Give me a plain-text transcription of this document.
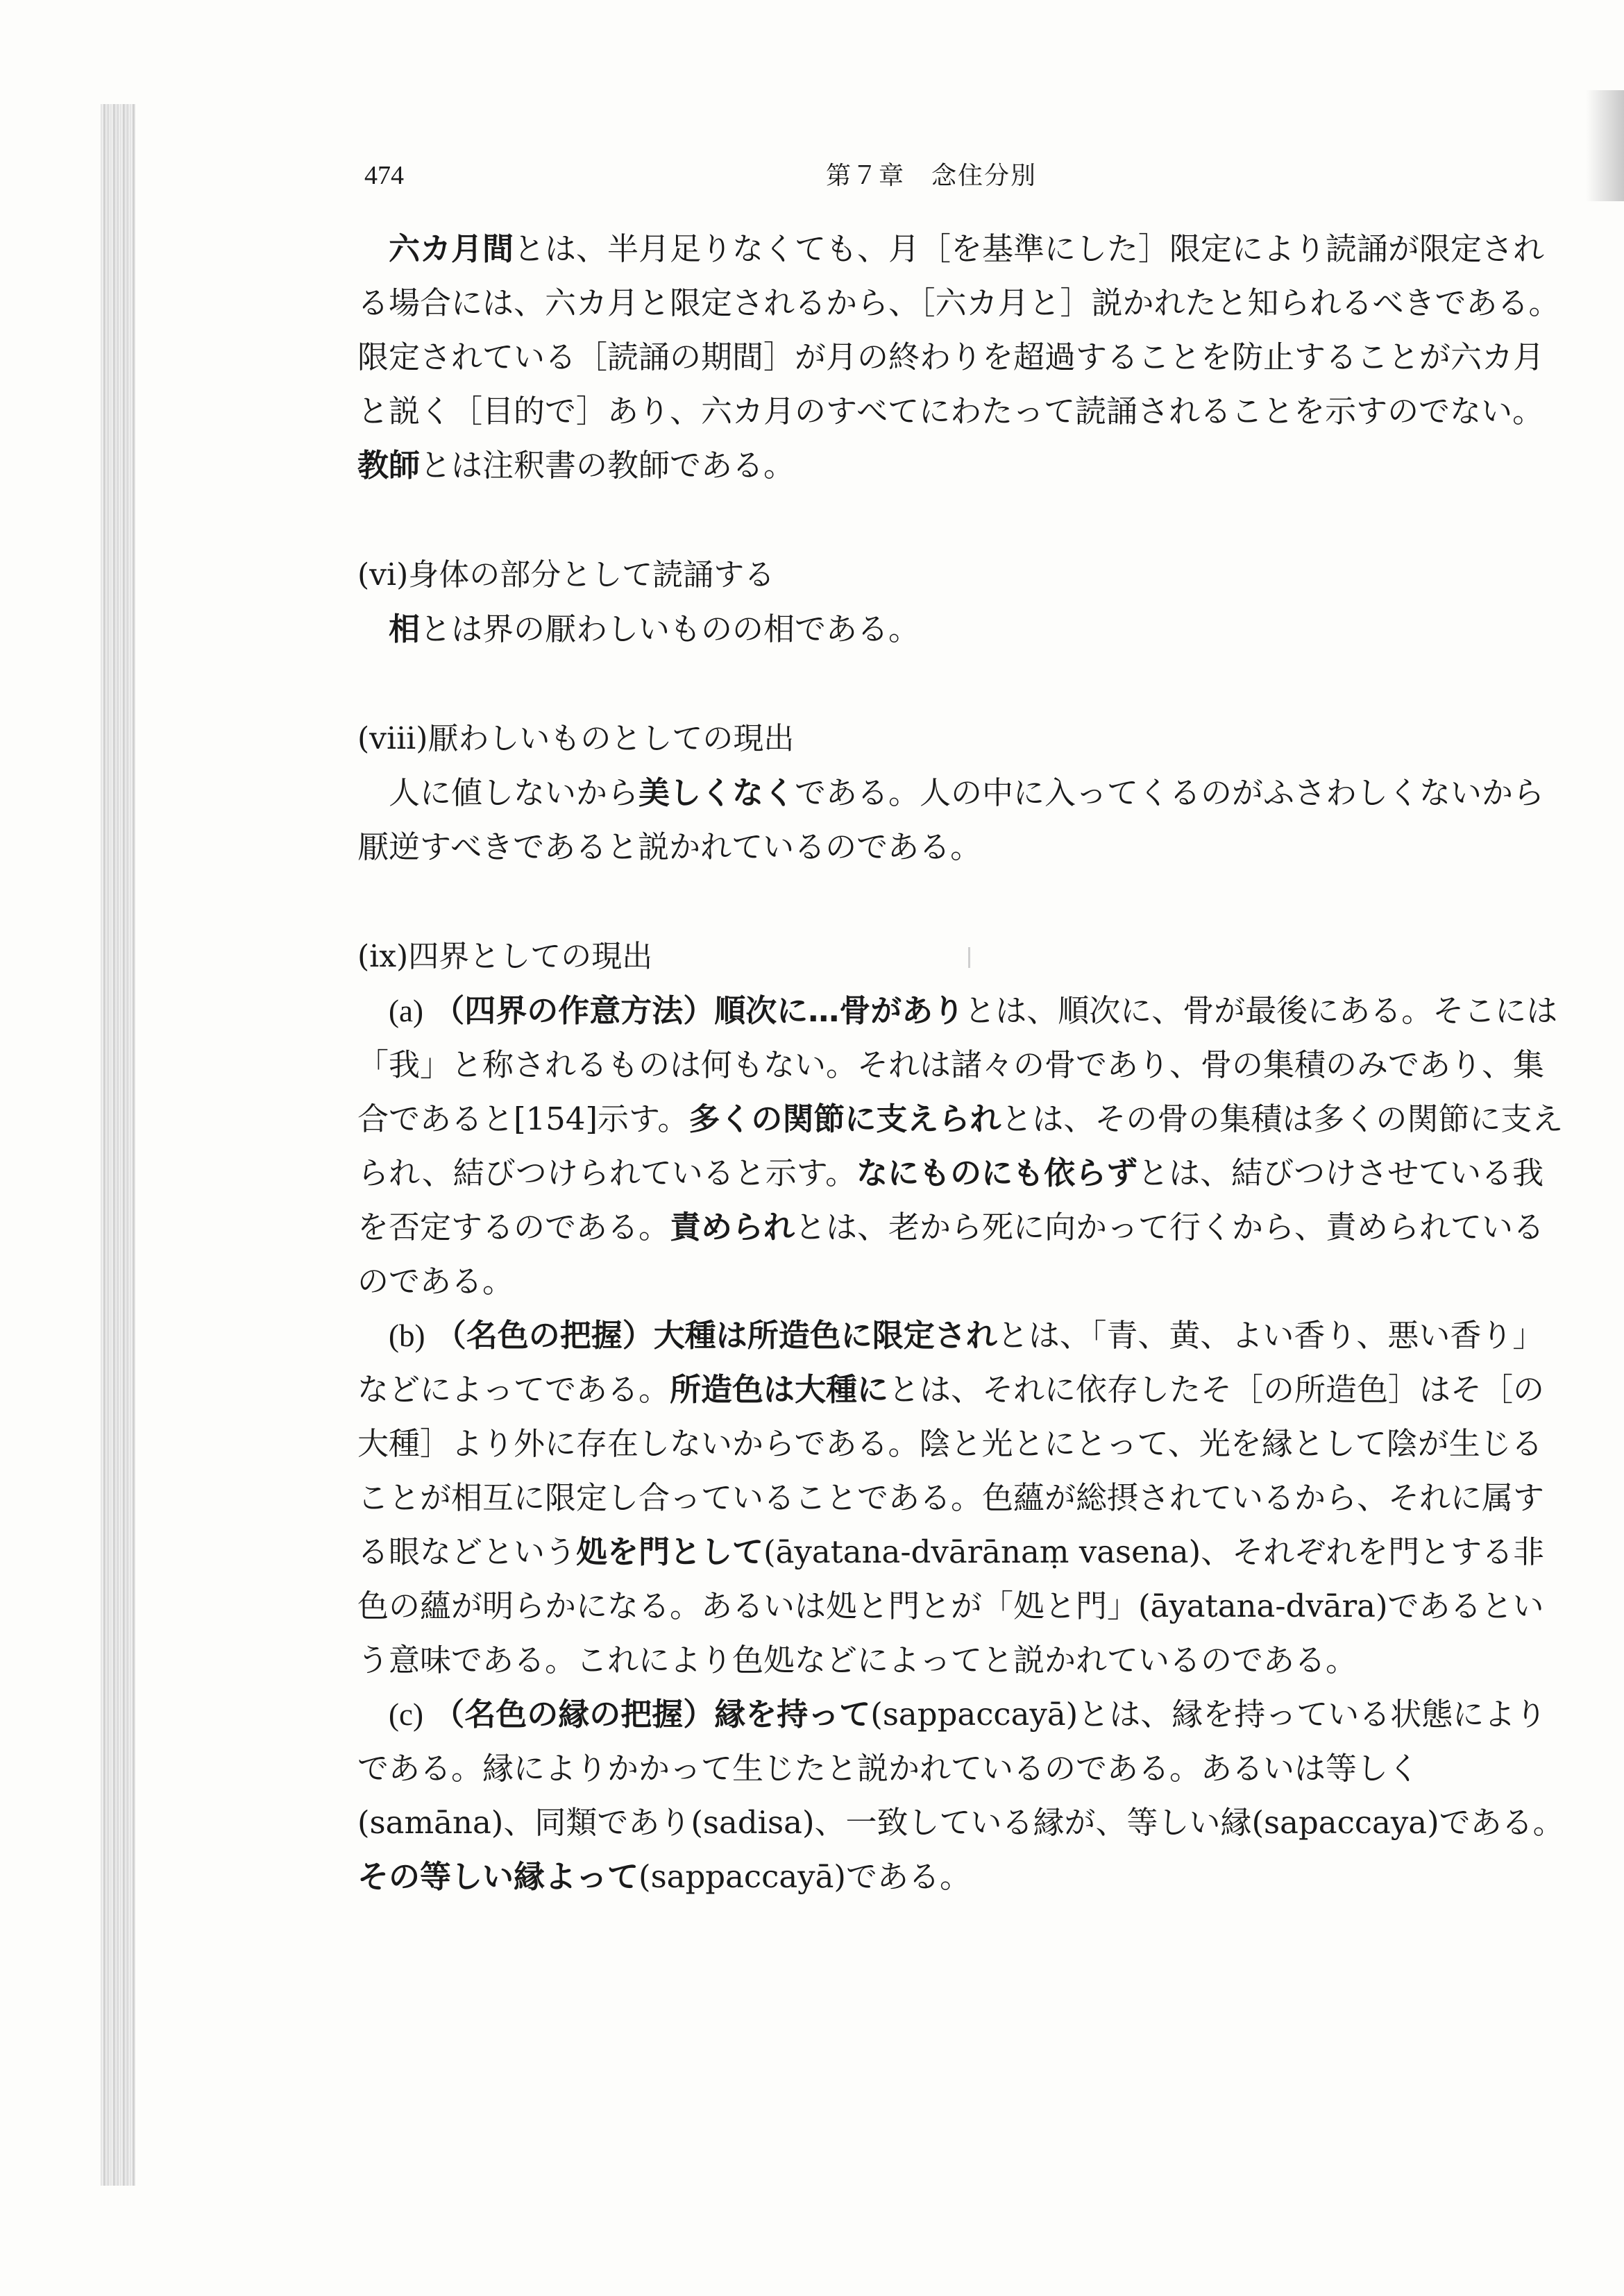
474	第７章　念住分別

六カ月間とは、半月足りなくても、月［を基準にした］限定により読誦が限定される場合には、六カ月と限定されるから、［六カ月と］説かれたと知られるべきである。限定されている［読誦の期間］が月の終わりを超過することを防止することが六カ月と説く［目的で］あり、六カ月のすべてにわたって読誦されることを示すのでない。教師とは注釈書の教師である。

(vi)身体の部分として読誦する

相とは界の厭わしいものの相である。

(viii)厭わしいものとしての現出

人に値しないから美しくなくである。人の中に入ってくるのがふさわしくないから厭逆すべきであると説かれているのである。

(ix)四界としての現出

(a) （四界の作意方法）順次に…骨がありとは、順次に、骨が最後にある。そこには「我」と称されるものは何もない。それは諸々の骨であり、骨の集積のみであり、集合であると[154]示す。多くの関節に支えられとは、その骨の集積は多くの関節に支えられ、結びつけられていると示す。なにものにも依らずとは、結びつけさせている我を否定するのである。責められとは、老から死に向かって行くから、責められているのである。

(b) （名色の把握）大種は所造色に限定されとは、「青、黄、よい香り、悪い香り」などによってである。所造色は大種にとは、それに依存したそ［の所造色］はそ［の大種］より外に存在しないからである。陰と光とにとって、光を縁として陰が生じることが相互に限定し合っていることである。色蘊が総摂されているから、それに属する眼などという処を門として(āyatana-dvārānaṃ vasena)、それぞれを門とする非色の蘊が明らかになる。あるいは処と門とが「処と門」(āyatana-dvāra)であるという意味である。これにより色処などによってと説かれているのである。

(c) （名色の縁の把握）縁を持って(sappaccayā)とは、縁を持っている状態によりである。縁によりかかって生じたと説かれているのである。あるいは等しく(samāna)、同類であり(sadisa)、一致している縁が、等しい縁(sapaccaya)である。その等しい縁よって(sappaccayā)である。
